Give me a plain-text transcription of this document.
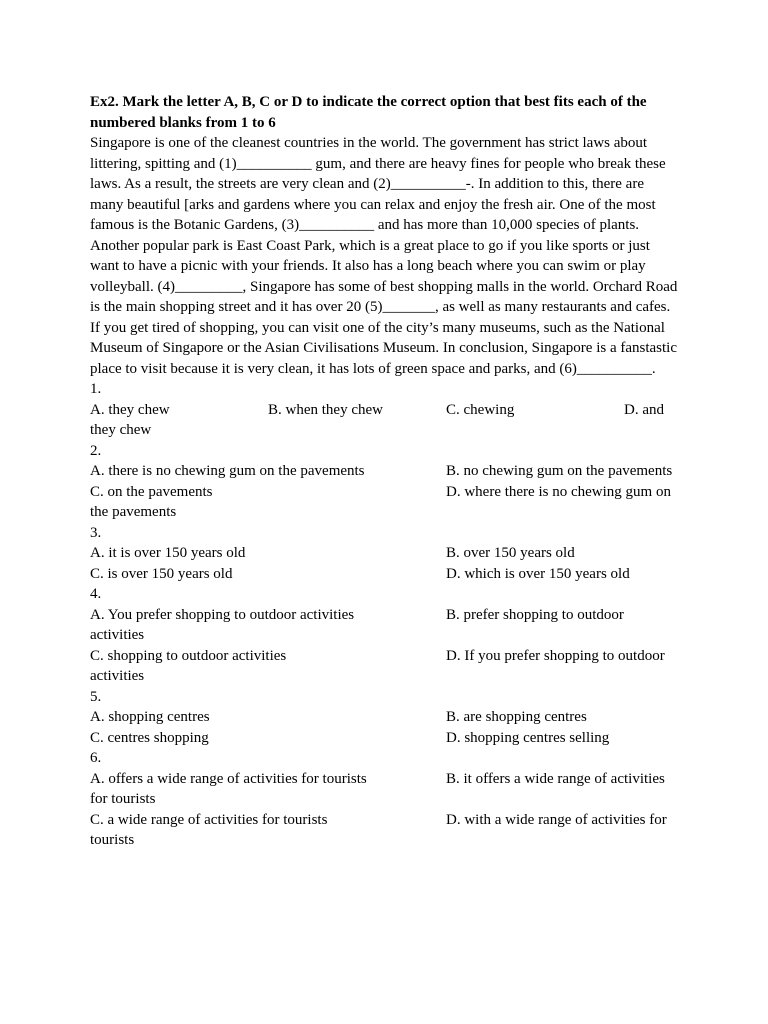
Ex2. Mark the letter A, B, C or D to indicate the correct option that best fits each of the numbered blanks from 1 to 6

Singapore is one of the cleanest countries in the world. The government has strict laws about littering, spitting and (1)__________ gum, and there are heavy fines for people who break these laws. As a result, the streets are very clean and (2)__________-. In addition to this, there are many beautiful [arks and gardens where you can relax and enjoy the fresh air. One of the most famous is the Botanic Gardens, (3)__________ and has more than 10,000 species of plants. Another popular park is East Coast Park, which is a great place to go if you like sports or just want to have a picnic with your friends. It also has a long beach where you can swim or play volleyball. (4)_________, Singapore has some of best shopping malls in the world. Orchard Road is the main shopping street and it has over 20 (5)_______, as well as many restaurants and cafes. If you get tired of shopping, you can visit one of the city’s many museums, such as the National Museum of Singapore or the Asian Civilisations Museum. In conclusion, Singapore is a fanstastic place to visit because it is very clean, it has lots of green space and parks, and (6)__________.

1.
A. they chew	B. when they chew	C. chewing	D. and
they chew
2.
A. there is no chewing gum on the pavements	B. no chewing gum on the pavements
C. on the pavements	D. where there is no chewing gum on
the pavements
3.
A. it is over 150 years old	B. over 150 years old
C. is over 150 years old	D. which is over 150 years old
4.
A. You prefer shopping to outdoor activities	B. prefer shopping to outdoor
activities
C. shopping to outdoor activities	D. If you prefer shopping to outdoor
activities
5.
A. shopping centres	B. are shopping centres
C. centres shopping	D. shopping centres selling
6.
A. offers a wide range of activities for tourists	B. it offers a wide range of activities
for tourists
C. a wide range of activities for tourists	D. with a wide range of activities for
tourists
